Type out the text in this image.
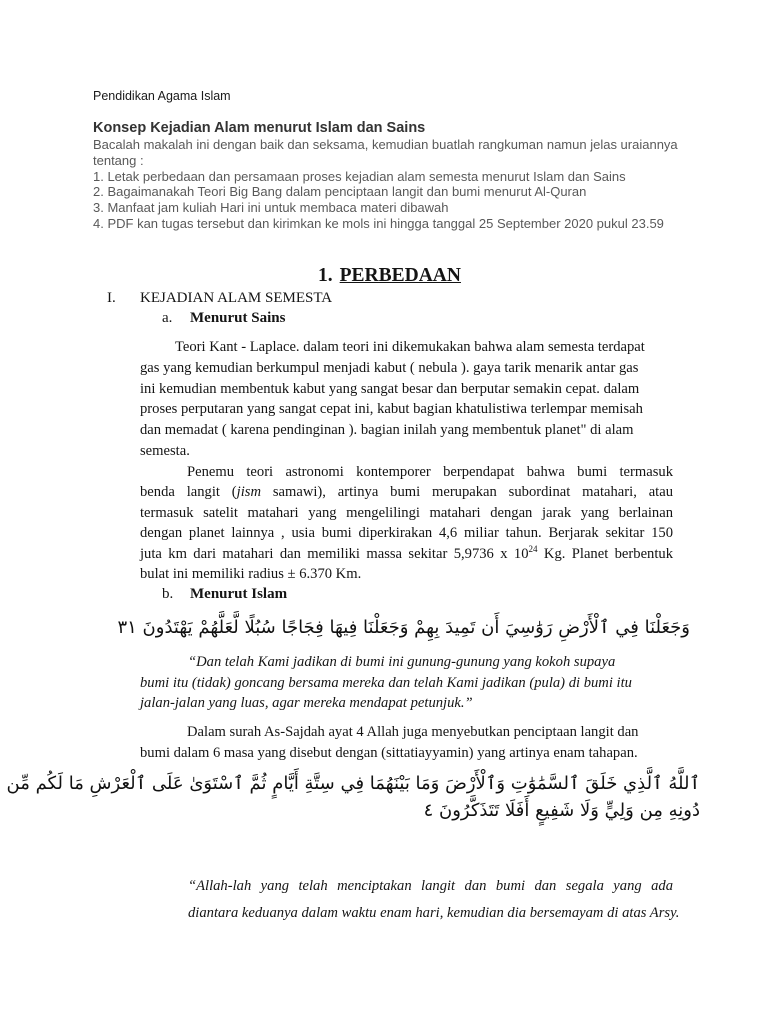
Pendidikan Agama Islam
Konsep Kejadian Alam menurut Islam dan Sains
Bacalah makalah ini dengan baik dan seksama, kemudian buatlah rangkuman namun jelas uraiannya
tentang :
1. Letak perbedaan dan persamaan proses kejadian alam semesta menurut Islam dan Sains
2. Bagaimanakah Teori Big Bang dalam penciptaan langit dan bumi menurut Al-Quran
3. Manfaat jam kuliah Hari ini untuk membaca materi dibawah
4. PDF kan tugas tersebut dan kirimkan ke mols ini hingga tanggal 25 September 2020 pukul 23.59
1. PERBEDAAN
I. KEJADIAN ALAM SEMESTA
a. Menurut Sains
Teori Kant - Laplace. dalam teori ini dikemukakan bahwa alam semesta terdapat
gas yang kemudian berkumpul menjadi kabut ( nebula ). gaya tarik menarik antar gas
ini kemudian membentuk kabut yang sangat besar dan berputar semakin cepat. dalam
proses perputaran yang sangat cepat ini, kabut bagian khatulistiwa terlempar memisah
dan memadat ( karena pendinginan ). bagian inilah yang membentuk planet" di alam
semesta.
Penemu teori astronomi kontemporer berpendapat bahwa bumi termasuk
benda langit (jism samawi), artinya bumi merupakan subordinat matahari, atau
termasuk satelit matahari yang mengelilingi matahari dengan jarak yang berlainan
dengan planet lainnya , usia bumi diperkirakan 4,6 miliar tahun. Berjarak sekitar 150
juta km dari matahari dan memiliki massa sekitar 5,9736 x $10^{24}$ Kg. Planet berbentuk
bulat ini memiliki radius ± 6.370 Km.
b. Menurut Islam
وَجَعَلْنَا فِي ٱلْأَرْضِ رَوَٰسِيَ أَن تَمِيدَ بِهِمْ وَجَعَلْنَا فِيهَا فِجَاجًا سُبُلًا لَّعَلَّهُمْ يَهْتَدُونَ ٣١
“Dan telah Kami jadikan di bumi ini gunung-gunung yang kokoh supaya
bumi itu (tidak) goncang bersama mereka dan telah Kami jadikan (pula) di bumi itu
jalan-jalan yang luas, agar mereka mendapat petunjuk.”
Dalam surah As-Sajdah ayat 4 Allah juga menyebutkan penciptaan langit dan
bumi dalam 6 masa yang disebut dengan (sittatiayyamin) yang artinya enam tahapan.
ٱللَّهُ ٱلَّذِي خَلَقَ ٱلسَّمَٰوَٰتِ وَٱلْأَرْضَ وَمَا بَيْنَهُمَا فِي سِتَّةِ أَيَّامٍ ثُمَّ ٱسْتَوَىٰ عَلَى ٱلْعَرْشِ مَا لَكُم مِّن
دُونِهِ مِن وَلِيٍّ وَلَا شَفِيعٍ أَفَلَا تَتَذَكَّرُونَ ٤
“Allah-lah yang telah menciptakan langit dan bumi dan segala yang ada
diantara keduanya dalam waktu enam hari, kemudian dia bersemayam di atas Arsy.
